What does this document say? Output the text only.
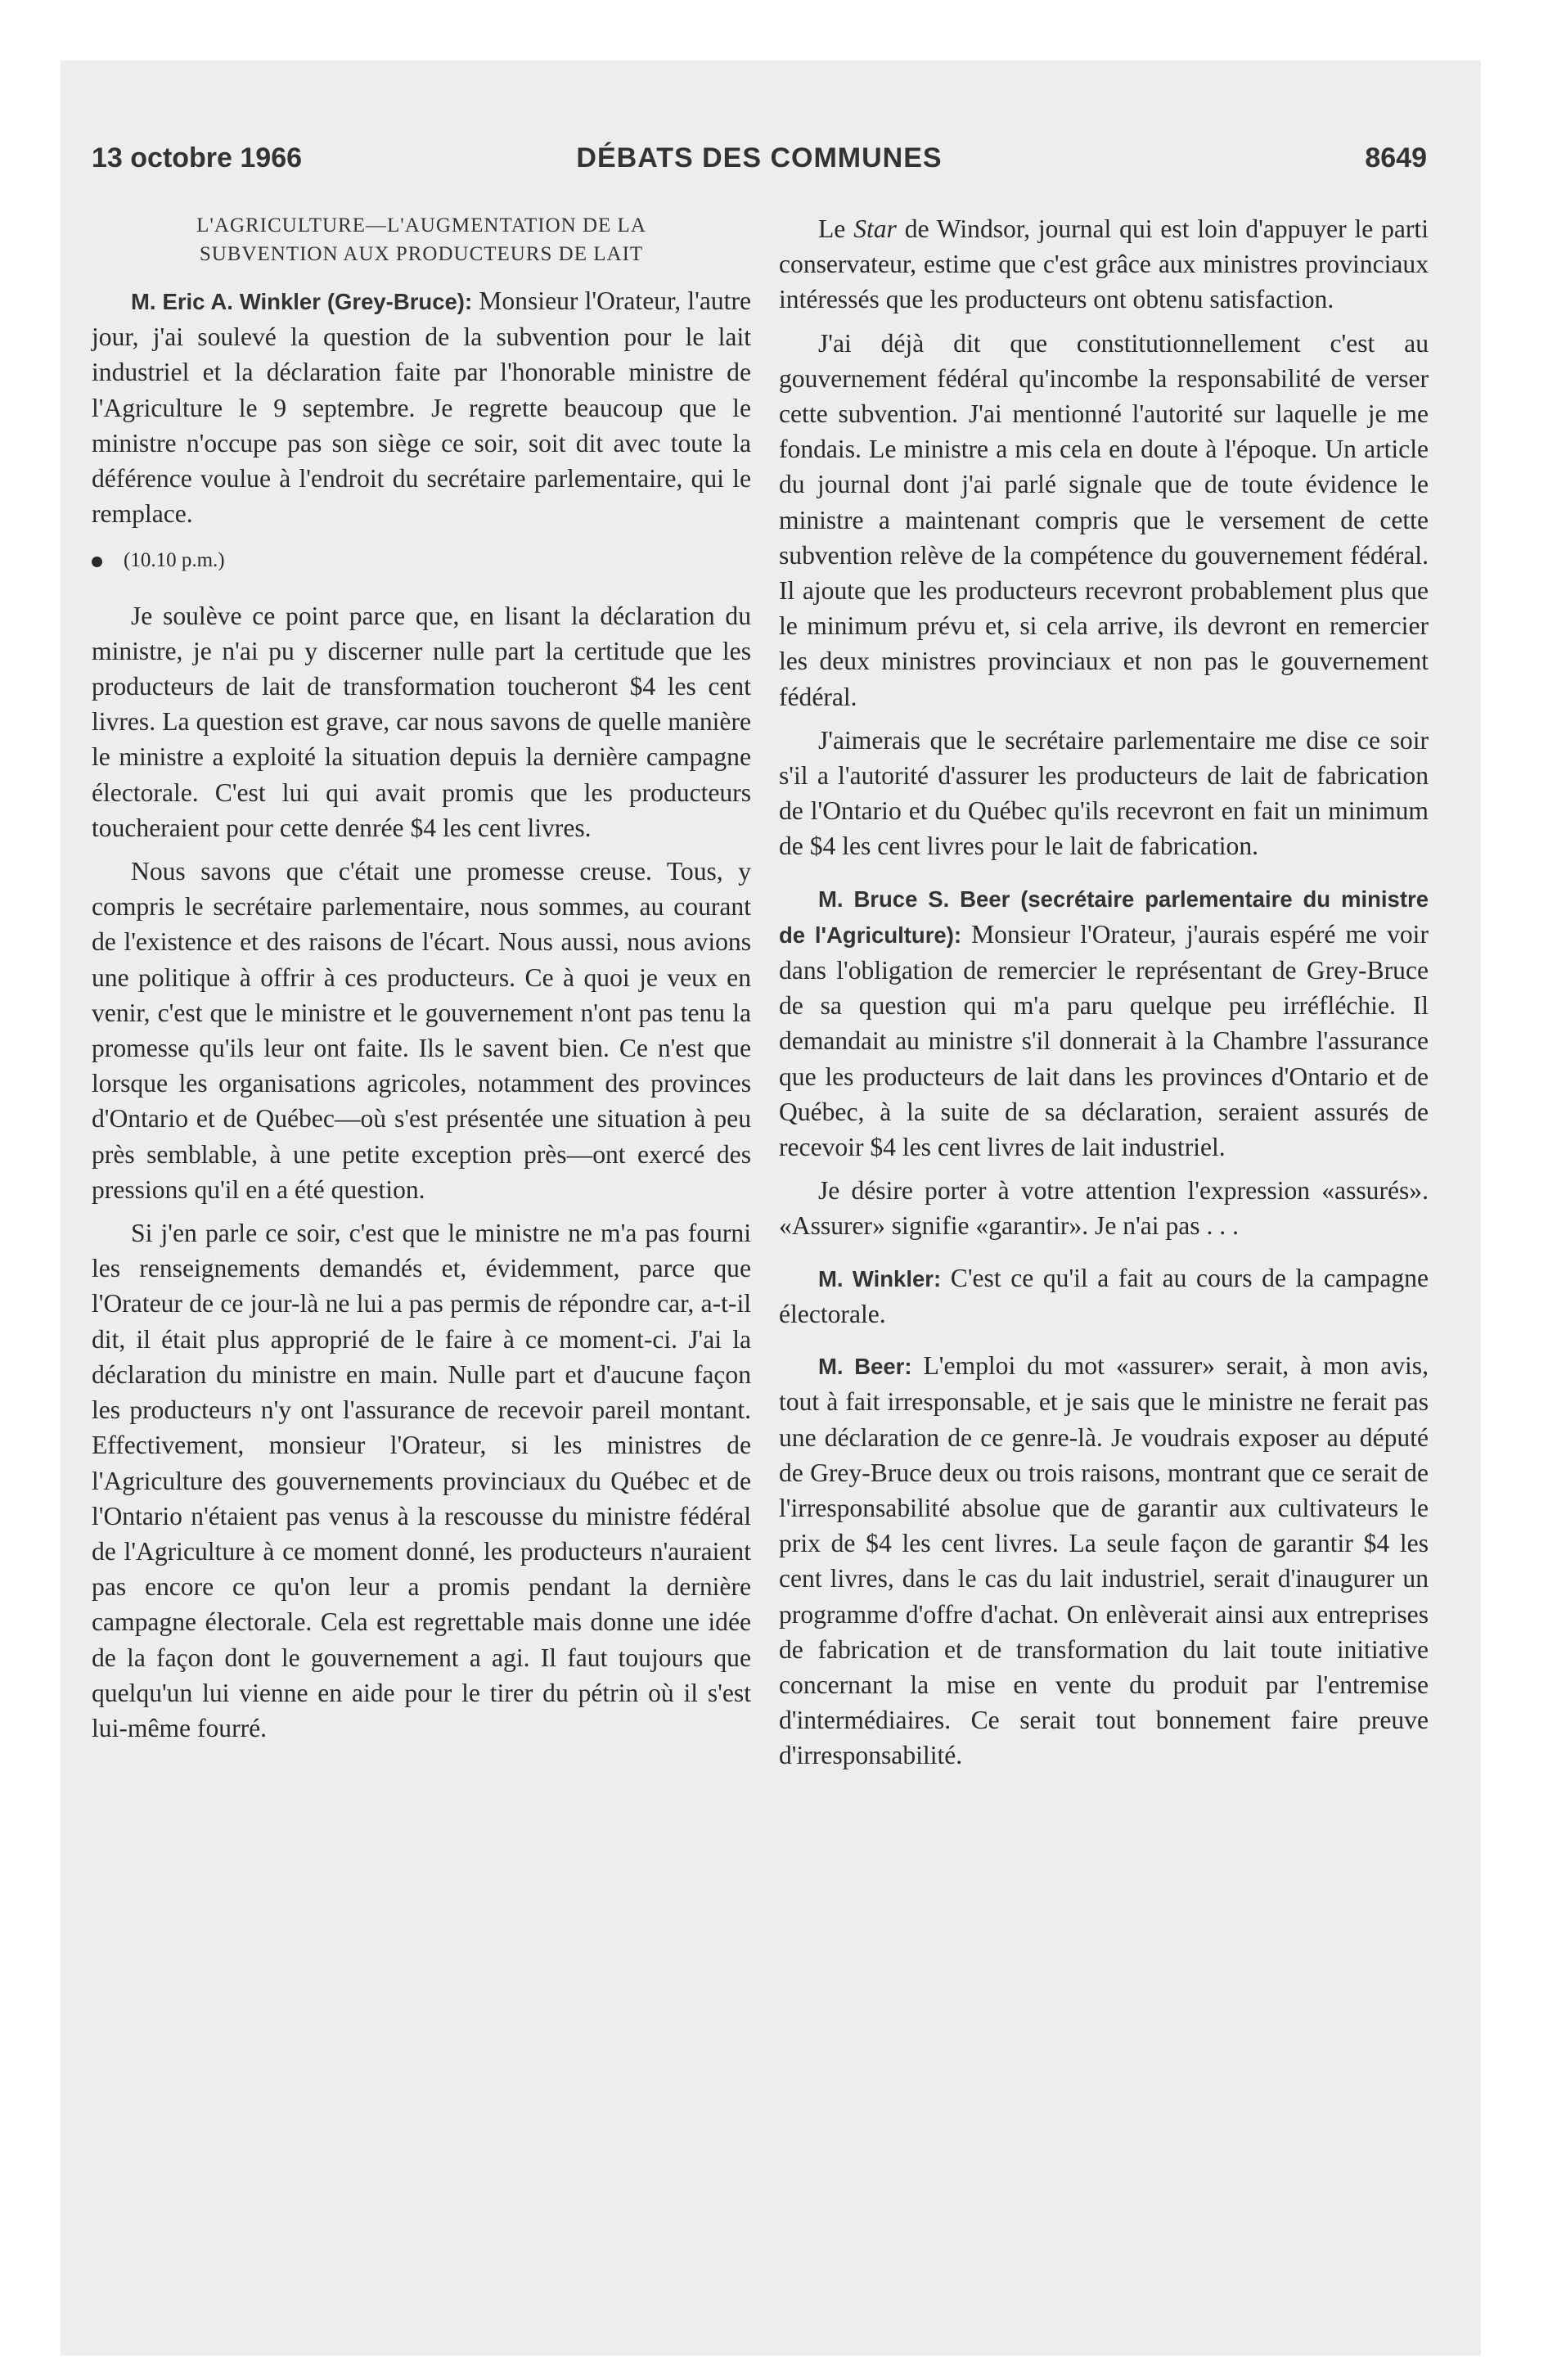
13 octobre 1966	DÉBATS DES COMMUNES	8649
L'AGRICULTURE—L'AUGMENTATION DE LA
SUBVENTION AUX PRODUCTEURS DE LAIT

M. Eric A. Winkler (Grey-Bruce): Monsieur l'Orateur, l'autre jour, j'ai soulevé la question de la subvention pour le lait industriel et la déclaration faite par l'honorable ministre de l'Agriculture le 9 septembre. Je regrette beaucoup que le ministre n'occupe pas son siège ce soir, soit dit avec toute la déférence voulue à l'endroit du secrétaire parlementaire, qui le remplace.

(10.10 p.m.)

Je soulève ce point parce que, en lisant la déclaration du ministre, je n'ai pu y discerner nulle part la certitude que les producteurs de lait de transformation toucheront $4 les cent livres. La question est grave, car nous savons de quelle manière le ministre a exploité la situation depuis la dernière campagne électorale. C'est lui qui avait promis que les producteurs toucheraient pour cette denrée $4 les cent livres.

Nous savons que c'était une promesse creuse. Tous, y compris le secrétaire parlementaire, nous sommes, au courant de l'existence et des raisons de l'écart. Nous aussi, nous avions une politique à offrir à ces producteurs. Ce à quoi je veux en venir, c'est que le ministre et le gouvernement n'ont pas tenu la promesse qu'ils leur ont faite. Ils le savent bien. Ce n'est que lorsque les organisations agricoles, notamment des provinces d'Ontario et de Québec—où s'est présentée une situation à peu près semblable, à une petite exception près—ont exercé des pressions qu'il en a été question.

Si j'en parle ce soir, c'est que le ministre ne m'a pas fourni les renseignements demandés et, évidemment, parce que l'Orateur de ce jour-là ne lui a pas permis de répondre car, a-t-il dit, il était plus approprié de le faire à ce moment-ci. J'ai la déclaration du ministre en main. Nulle part et d'aucune façon les producteurs n'y ont l'assurance de recevoir pareil montant. Effectivement, monsieur l'Orateur, si les ministres de l'Agriculture des gouvernements provinciaux du Québec et de l'Ontario n'étaient pas venus à la rescousse du ministre fédéral de l'Agriculture à ce moment donné, les producteurs n'auraient pas encore ce qu'on leur a promis pendant la dernière campagne électorale. Cela est regrettable mais donne une idée de la façon dont le gouvernement a agi. Il faut toujours que quelqu'un lui vienne en aide pour le tirer du pétrin où il s'est lui-même fourré.

Le Star de Windsor, journal qui est loin d'appuyer le parti conservateur, estime que c'est grâce aux ministres provinciaux intéressés que les producteurs ont obtenu satisfaction.

J'ai déjà dit que constitutionnellement c'est au gouvernement fédéral qu'incombe la responsabilité de verser cette subvention. J'ai mentionné l'autorité sur laquelle je me fondais. Le ministre a mis cela en doute à l'époque. Un article du journal dont j'ai parlé signale que de toute évidence le ministre a maintenant compris que le versement de cette subvention relève de la compétence du gouvernement fédéral. Il ajoute que les producteurs recevront probablement plus que le minimum prévu et, si cela arrive, ils devront en remercier les deux ministres provinciaux et non pas le gouvernement fédéral.

J'aimerais que le secrétaire parlementaire me dise ce soir s'il a l'autorité d'assurer les producteurs de lait de fabrication de l'Ontario et du Québec qu'ils recevront en fait un minimum de $4 les cent livres pour le lait de fabrication.

M. Bruce S. Beer (secrétaire parlementaire du ministre de l'Agriculture): Monsieur l'Orateur, j'aurais espéré me voir dans l'obligation de remercier le représentant de Grey-Bruce de sa question qui m'a paru quelque peu irréfléchie. Il demandait au ministre s'il donnerait à la Chambre l'assurance que les producteurs de lait dans les provinces d'Ontario et de Québec, à la suite de sa déclaration, seraient assurés de recevoir $4 les cent livres de lait industriel.

Je désire porter à votre attention l'expression «assurés». «Assurer» signifie «garantir». Je n'ai pas . . .

M. Winkler: C'est ce qu'il a fait au cours de la campagne électorale.

M. Beer: L'emploi du mot «assurer» serait, à mon avis, tout à fait irresponsable, et je sais que le ministre ne ferait pas une déclaration de ce genre-là. Je voudrais exposer au député de Grey-Bruce deux ou trois raisons, montrant que ce serait de l'irresponsabilité absolue que de garantir aux cultivateurs le prix de $4 les cent livres. La seule façon de garantir $4 les cent livres, dans le cas du lait industriel, serait d'inaugurer un programme d'offre d'achat. On enlèverait ainsi aux entreprises de fabrication et de transformation du lait toute initiative concernant la mise en vente du produit par l'entremise d'intermédiaires. Ce serait tout bonnement faire preuve d'irresponsabilité.
